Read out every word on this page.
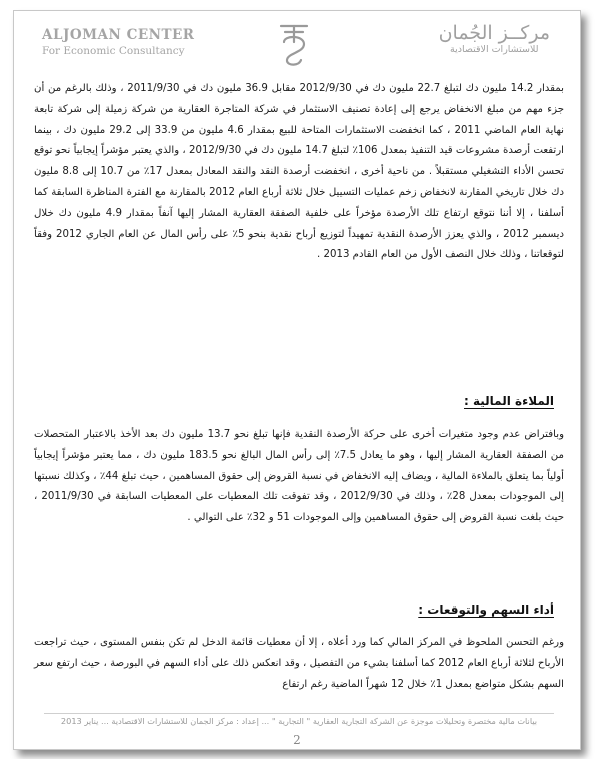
ALJOMAN CENTER
For Economic Consultancy
مركــز الجُمان
للاستشارات الاقتصادية
بمقدار 14.2 مليون دك لتبلغ 22.7 مليون دك في 2012/9/30 مقابل 36.9 مليون دك في 2011/9/30 ، وذلك بالرغم من أن جزء مهم من مبلغ الانخفاض يرجع إلى إعادة تصنيف الاستثمار في شركة المتاجرة العقارية من شركة زميلة إلى شركة تابعة نهاية العام الماضي 2011 ، كما انخفضت الاستثمارات المتاحة للبيع بمقدار 4.6 مليون من 33.9 إلى 29.2 مليون دك ، بينما ارتفعت أرصدة مشروعات قيد التنفيذ بمعدل 106٪ لتبلغ 14.7 مليون دك في 2012/9/30 ، والذي يعتبر مؤشراً إيجابياً نحو توقع تحسن الأداء التشغيلي مستقبلاً . من ناحية أخرى ، انخفضت أرصدة النقد والنقد المعادل بمعدل 17٪ من 10.7 إلى 8.8 مليون دك خلال تاريخي المقارنة لانخفاض زخم عمليات التسييل خلال ثلاثة أرباع العام 2012 بالمقارنة مع الفترة المناظرة السابقة كما أسلفنا ، إلا أننا نتوقع ارتفاع تلك الأرصدة مؤخراً على خلفية الصفقة العقارية المشار إليها آنفاً بمقدار 4.9 مليون دك خلال ديسمبر 2012 ، والذي يعزز الأرصدة النقدية تمهيداً لتوزيع أرباح نقدية بنحو 5٪ على رأس المال عن العام الجاري 2012 وفقاً لتوقعاتنا ، وذلك خلال النصف الأول من العام القادم 2013 .
الملاءة المالية :
وبافتراض عدم وجود متغيرات أخرى على حركة الأرصدة النقدية فإنها تبلغ نحو 13.7 مليون دك بعد الأخذ بالاعتبار المتحصلات من الصفقة العقارية المشار إليها ، وهو ما يعادل 7.5٪ إلى رأس المال البالغ نحو 183.5 مليون دك ، مما يعتبر مؤشراً إيجابياً أولياً بما يتعلق بالملاءة المالية ، ويضاف إليه الانخفاض في نسبة القروض إلى حقوق المساهمين ، حيث تبلغ 44٪ ، وكذلك نسبتها إلى الموجودات بمعدل 28٪ ، وذلك في 2012/9/30 ، وقد تفوقت تلك المعطيات على المعطيات السابقة في 2011/9/30 ، حيث بلغت نسبة القروض إلى حقوق المساهمين وإلى الموجودات 51 و 32٪ على التوالي .
أداء السهم والتوقعات :
ورغم التحسن الملحوظ في المركز المالي كما ورد أعلاه ، إلا أن معطيات قائمة الدخل لم تكن بنفس المستوى ، حيث تراجعت الأرباح لثلاثة أرباع العام 2012 كما أسلفنا بشيء من التفصيل ، وقد انعكس ذلك على أداء السهم في البورصة ، حيث ارتفع سعر السهم بشكل متواضع بمعدل 1٪ خلال 12 شهراً الماضية رغم ارتفاع
بيانات مالية مختصرة وتحليلات موجزة عن الشركة التجارية العقارية " التجارية " ... إعداد : مركز الجمان للاستشارات الاقتصادية ... يناير 2013
2
